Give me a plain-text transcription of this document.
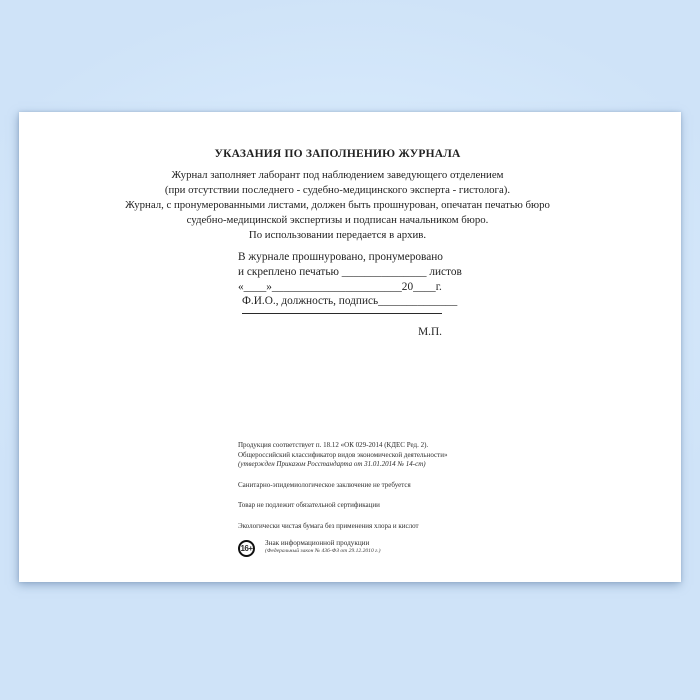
УКАЗАНИЯ ПО ЗАПОЛНЕНИЮ ЖУРНАЛА
Журнал заполняет лаборант под наблюдением заведующего отделением
(при отсутствии последнего - судебно-медицинского эксперта - гистолога).
Журнал, с пронумерованными листами, должен быть прошнурован, опечатан печатью бюро
судебно-медицинской экспертизы и подписан начальником бюро.
По использовании передается в архив.
В журнале прошнуровано, пронумеровано
и скреплено печатью _______________ листов
«____»_______________________20____г.
Ф.И.О., должность, подпись______________
М.П.
Продукция соответствует п. 18.12 «ОК 029-2014 (КДЕС Ред. 2).
Общероссийский классификатор видов экономической деятельности»
(утвержден Приказом Росстандарта от 31.01.2014 № 14-ст)
Санитарно-эпидемиологическое заключение не требуется
Товар не подлежит обязательной сертификации
Экологически чистая бумага без применения хлора и кислот
16+
Знак информационной продукции
(Федеральный закон № 436-ФЗ от 29.12.2010 г.)
